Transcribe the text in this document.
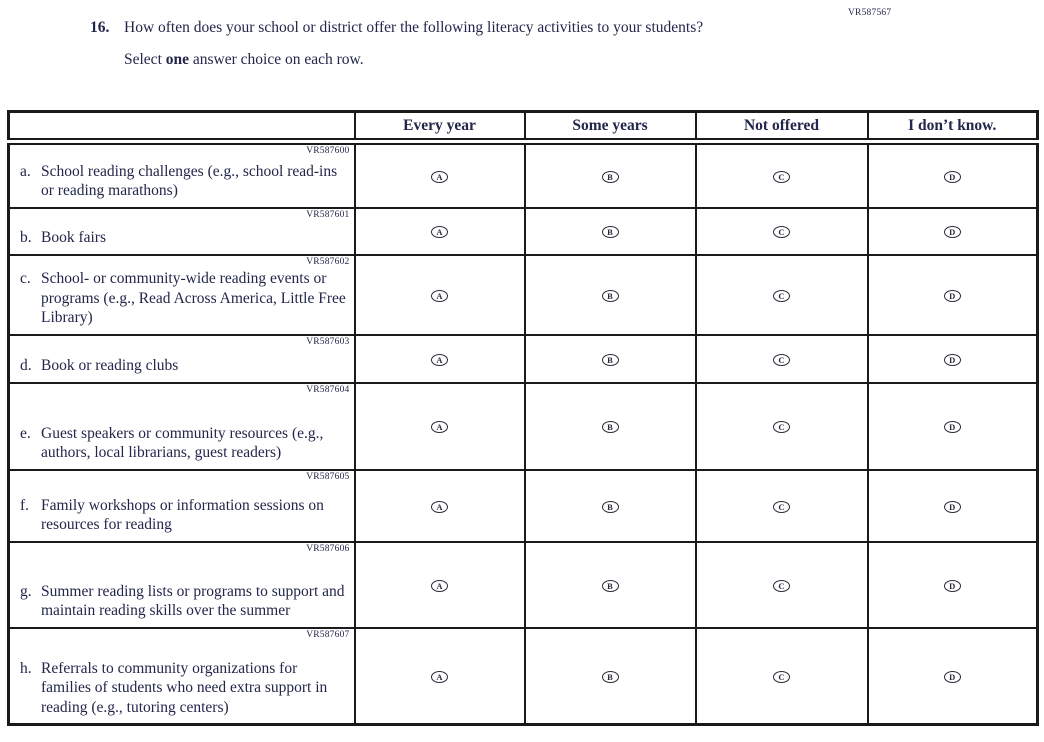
VR587567
16. How often does your school or district offer the following literacy activities to your students?
Select one answer choice on each row.
	Every year	Some years	Not offered	I don’t know.

VR587600
a. School reading challenges (e.g., school read-ins or reading marathons)	A	B	C	D

VR587601
b. Book fairs	A	B	C	D

VR587602
c. School- or community-wide reading events or programs (e.g., Read Across America, Little Free Library)	A	B	C	D

VR587603
d. Book or reading clubs	A	B	C	D

VR587604
e. Guest speakers or community resources (e.g., authors, local librarians, guest readers)	A	B	C	D

VR587605
f. Family workshops or information sessions on resources for reading	A	B	C	D

VR587606
g. Summer reading lists or programs to support and maintain reading skills over the summer	A	B	C	D

VR587607
h. Referrals to community organizations for families of students who need extra support in reading (e.g., tutoring centers)	A	B	C	D
